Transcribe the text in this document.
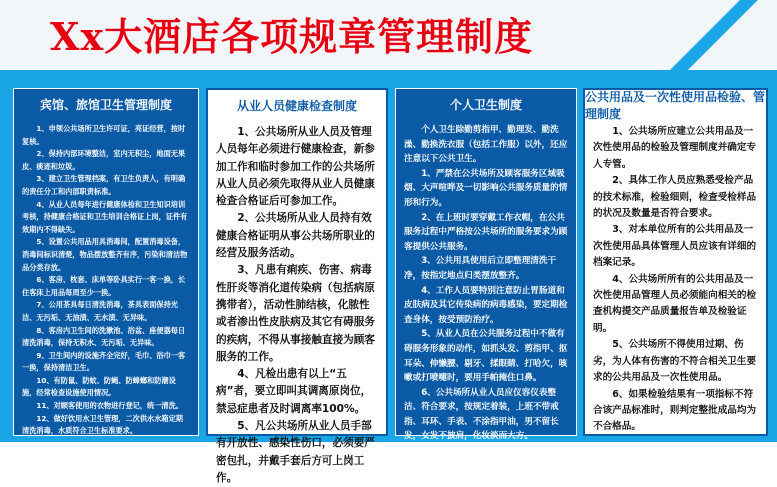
Xx大酒店各项规章管理制度
宾馆、旅馆卫生管理制度

1、申领公共场所卫生许可证，亮证经营，按时复核。

2、保持内部环境整洁，室内无积尘，地面无果皮、痰迹和垃圾。

3、建立卫生管理档案，有卫生负责人，有明确的责任分工和内部职责标准。

4、从业人员每年进行健康体检和卫生知识培训考核，持健康合格证和卫生培训合格证上岗，证件有效期内不得缺失。

5、设置公共用品用具消毒间，配置消毒设备，消毒间标识清楚，物品摆放整齐有序，污染和清洁物品分类存放。

6、客房、枕套、床单等卧具实行一客一换，长住客床上用品每周至少一换。

7、公用茶具每日清洗消毒，茶具表面保持光洁、无污垢、无油渍、无水渍、无异味。

8、客房内卫生间的洗漱池、浴盆、座便器每日清洗消毒，保持无积水、无污垢、无异味。

9、卫生间内的设施齐全完好，毛巾、浴巾一客一换，保持清洁卫生。

10、有防鼠、防蚊、防蝇、防蟑螂和防潮设施，经常检查设施使用情况。

11、对顾客使用的衣物进行登记，统一清洗。

12、做好饮用水卫生管理，二次供水水箱定期清洗消毒，水质符合卫生标准要求。

从业人员健康检查制度

1、公共场所从业人员及管理人员每年必须进行健康检查，新参加工作和临时参加工作的公共场所从业人员必须先取得从业人员健康检查合格证后可参加工作。

2、公共场所从业人员持有效健康合格证明从事公共场所职业的经营及服务活动。

3、凡患有痢疾、伤害、病毒性肝炎等消化道传染病（包括病原携带者），活动性肺结核，化脓性或者渗出性皮肤病及其它有碍服务的疾病，不得从事接触直接为顾客服务的工作。

4、凡检出患有以上“五病”者，要立即叫其调离原岗位，禁忌症患者及时调离率100%。

5、凡公共场所从业人员手部有开放性、感染性伤口，必须要严密包扎，并戴手套后方可上岗工作。

个人卫生制度

个人卫生除勤剪指甲、勤理发、勤洗澡、勤换洗衣服（包括工作服）以外，还应注意以下公共卫生。

1、严禁在公共场所及顾客服务区域吸烟、大声喧哗及一切影响公共服务质量的情形和行为。

2、在上班时要穿戴工作衣帽，在公共服务过程中严格按公共场所的服务要求为顾客提供公共服务。

3、公共用具使用后立即整理清洗干净，按指定地点归类摆放整齐。

4、工作人员要特别注意防止胃肠道和皮肤病及其它传染病的病毒感染，要定期检查身体，按受预防治疗。

5、从业人员在公共服务过程中不做有碍服务形象的动作，如抓头发、剪指甲、抠耳朵、伸懒腰、剔牙、揉眼睛、打哈欠，咳嗽或打喷嚏时，要用手帕掩住口鼻。

6、公共场所从业人员应仪容仪表整洁、符合要求，按规定着装，上班不带戒指、耳环、手表、不涂指甲油，男不留长发，女发不披肩，化妆淡而大方。

公共用品及一次性使用品检验、管理制度

1、公共场所应建立公共用品及一次性使用品的检验及管理制度并确定专人专管。

2、具体工作人员应熟悉受检产品的技术标准，检验细则，检查受检样品的状况及数量是否符合要求。

3、对本单位所有的公共用品及一次性使用品具体管理人员应该有详细的档案记录。

4、公共场所所有的公共用品及一次性使用品管理人员必须能向相关的检查机构提交产品质量报告单及检验证明。

5、公共场所不得使用过期、伤劣，为人体有伤害的不符合相关卫生要求的公共用品及一次性使用品。

6、如果检验结果有一项指标不符合该产品标准时，则判定整批成品均为不合格品。
